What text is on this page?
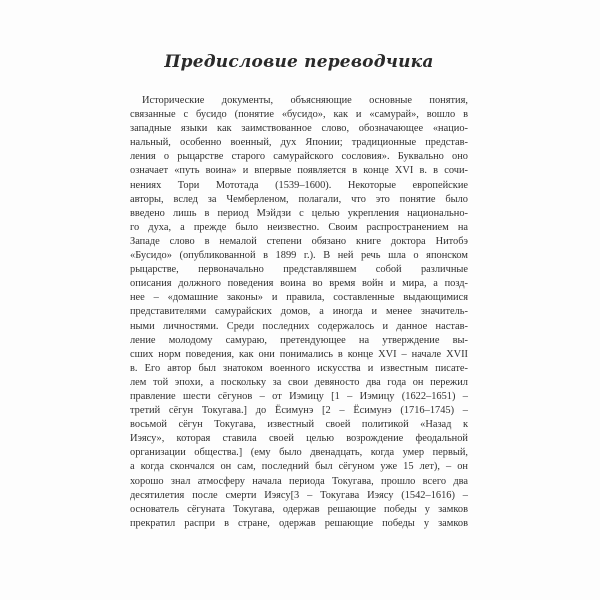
Предисловие переводчика
Исторические документы, объясняющие основные понятия,
связанные с бусидо (понятие «бусидо», как и «самурай», вошло в
западные языки как заимствованное слово, обозначающее «нацио-
нальный, особенно военный, дух Японии; традиционные представ-
ления о рыцарстве старого самурайского сословия». Буквально оно
означает «путь воина» и впервые появляется в конце XVI в. в сочи-
нениях Тори Мототада (1539–1600). Некоторые европейские
авторы, вслед за Чемберленом, полагали, что это понятие было
введено лишь в период Мэйдзи с целью укрепления национально-
го духа, а прежде было неизвестно. Своим распространением на
Западе слово в немалой степени обязано книге доктора Нитобэ
«Бусидо» (опубликованной в 1899 г.). В ней речь шла о японском
рыцарстве, первоначально представлявшем собой различные
описания должного поведения воина во время войн и мира, а позд-
нее – «домашние законы» и правила, составленные выдающимися
представителями самурайских домов, а иногда и менее значитель-
ными личностями. Среди последних содержалось и данное настав-
ление молодому самураю, претендующее на утверждение вы-
сших норм поведения, как они понимались в конце XVI – начале XVII
в. Его автор был знатоком военного искусства и известным писате-
лем той эпохи, а поскольку за свои девяносто два года он пережил
правление шести сёгунов – от Иэмицу [1 – Иэмицу (1622–1651) –
третий сёгун Токугава.] до Ёсимунэ [2 – Ёсимунэ (1716–1745) –
восьмой сёгун Токугава, известный своей политикой «Назад к
Иэясу», которая ставила своей целью возрождение феодальной
организации общества.] (ему было двенадцать, когда умер первый,
а когда скончался он сам, последний был сёгуном уже 15 лет), – он
хорошо знал атмосферу начала периода Токугава, прошло всего два
десятилетия после смерти Иэясу[3 – Токугава Иэясу (1542–1616) –
основатель сёгуната Токугава, одержав решающие победы у замков
прекратил распри в стране, одержав решающие победы у замков
